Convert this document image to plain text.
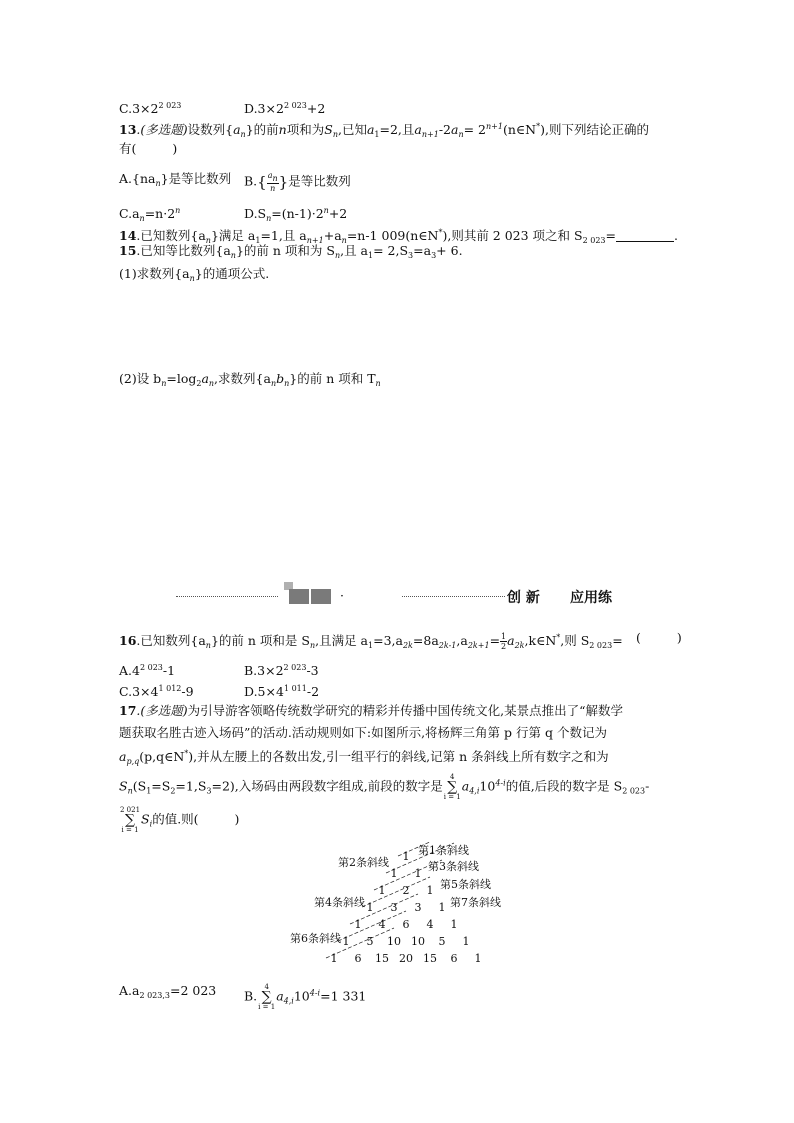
$C.3\times 2^{2 023}$	$D.3\times 2^{2 023}+2$
13.(多选题)设数列$\{a_n\}$的前n项和为$S_n$,已知$a_1=2$,且$a_{n+1}-2a_n=$ $2^{n+1}(n\in N^*)$,则下列结论正确的
有(	)
$A.\{na_n\}$是等比数列 $B.\{ \frac{an}{n}$ }是等比数列
$C.a_n=n\cdot 2^n$	$D.S_n=(n-1)\cdot 2^n+2$
14.已知数列$\{a_n\}$满足 $a_1=1$,且 $a_{n+1}+a_n=n-1$ 009(n∈N*),则其前 2 023 项之和 $S_{2 023}=$	.
15.已知等比数列$\{a_n\}$的前 n 项和为 $S_n$,且 $a_1= 2,S_3=a_3+ 6$.
(1)求数列$\{a_n\}$的通项公式.
(2)设 $b_n=\log_2a_n$,求数列$\{a_nb_n\}$的前 n 项和 $T_n$
·	创 新 应用练
16.已知数列$\{a_n\}$的前 n 项和是 $S_n$,且满足 $a_1=3,a_{2k}=8a_{2k-1},a_{2k+1}= \frac{1}{2}$ $a_{2k},k\in N^*$,则 $S_{2 023}=$ (	)
$A.4^{2 023}-1$	$B.3\times 2^{2 023}-3$
$C.3\times 4^{1 012}-9$	$D.5\times 4^{1 011}-2$
17.(多选题)为引导游客领略传统数学研究的精彩并传播中国传统文化,某景点推出了“解数学
题获取名胜古迹入场码”的活动.活动规则如下:如图所示,将杨辉三角第 p 行第 q 个数记为
$a_{p,q}(p,q\in N^*)$,并从左腰上的各数出发,引一组平行的斜线,记第 n 条斜线上所有数字之和为
$S_n(S_1=S_2=1,S_3=2)$,入场码由两段数字组成,前段的数字是4
∑
$i = 1a_{4,i}10^{4-i}$的值,后段的数字是 $S_{2 023}-$
2 021
∑
$i = 1S_i$的值.则(	)
1
1 1
1 2 1
1 3 3 1
1 4 6 4 1
1 5 10 10 5 1
1 6 15 20 15 6 1
第1条斜线
第2条斜线	第3条斜线
第4条斜线
第5条斜线
第6条斜线
第7条斜线
$A.a_{2 023,3}=2$ 023 B.4
∑
$i = 1a_{4,i}10^{4-i}=1$ 331
